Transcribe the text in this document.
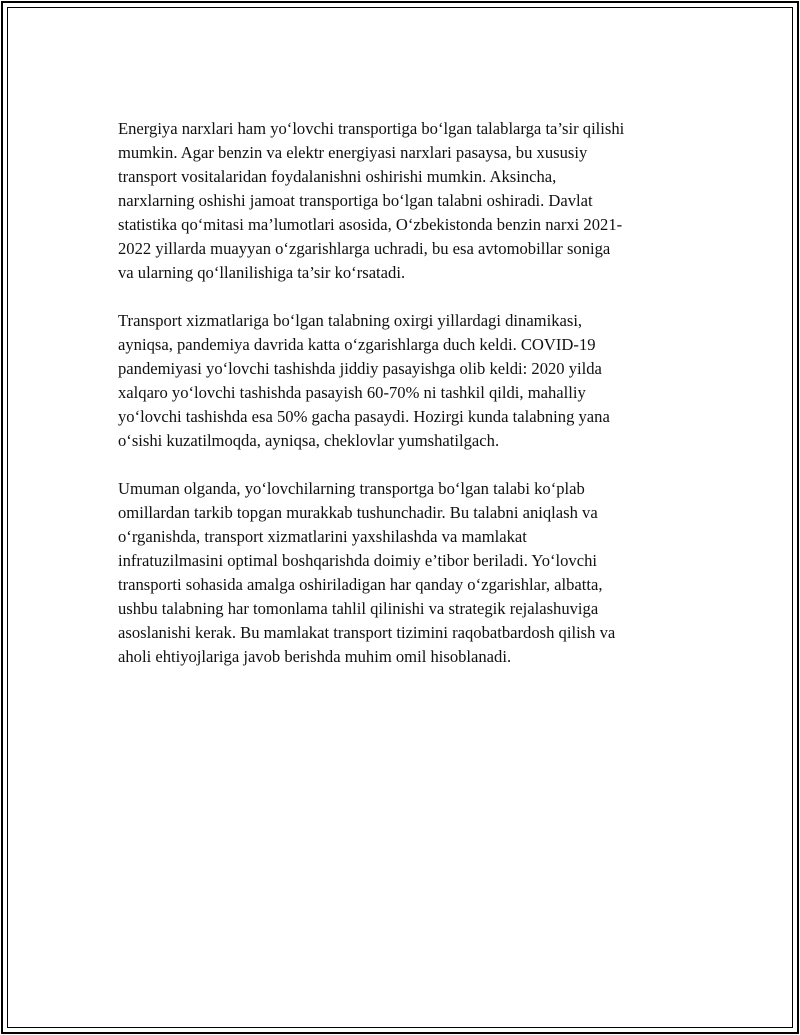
Energiya narxlari ham yo‘lovchi transportiga bo‘lgan talablarga ta’sir qilishi
mumkin. Agar benzin va elektr energiyasi narxlari pasaysa, bu xususiy
transport vositalaridan foydalanishni oshirishi mumkin. Aksincha,
narxlarning oshishi jamoat transportiga bo‘lgan talabni oshiradi. Davlat
statistika qo‘mitasi ma’lumotlari asosida, O‘zbekistonda benzin narxi 2021-
2022 yillarda muayyan o‘zgarishlarga uchradi, bu esa avtomobillar soniga
va ularning qo‘llanilishiga ta’sir ko‘rsatadi.

Transport xizmatlariga bo‘lgan talabning oxirgi yillardagi dinamikasi,
ayniqsa, pandemiya davrida katta o‘zgarishlarga duch keldi. COVID-19
pandemiyasi yo‘lovchi tashishda jiddiy pasayishga olib keldi: 2020 yilda
xalqaro yo‘lovchi tashishda pasayish 60-70% ni tashkil qildi, mahalliy
yo‘lovchi tashishda esa 50% gacha pasaydi. Hozirgi kunda talabning yana
o‘sishi kuzatilmoqda, ayniqsa, cheklovlar yumshatilgach.

Umuman olganda, yo‘lovchilarning transportga bo‘lgan talabi ko‘plab
omillardan tarkib topgan murakkab tushunchadir. Bu talabni aniqlash va
o‘rganishda, transport xizmatlarini yaxshilashda va mamlakat
infratuzilmasini optimal boshqarishda doimiy e’tibor beriladi. Yo‘lovchi
transporti sohasida amalga oshiriladigan har qanday o‘zgarishlar, albatta,
ushbu talabning har tomonlama tahlil qilinishi va strategik rejalashuviga
asoslanishi kerak. Bu mamlakat transport tizimini raqobatbardosh qilish va
aholi ehtiyojlariga javob berishda muhim omil hisoblanadi.
